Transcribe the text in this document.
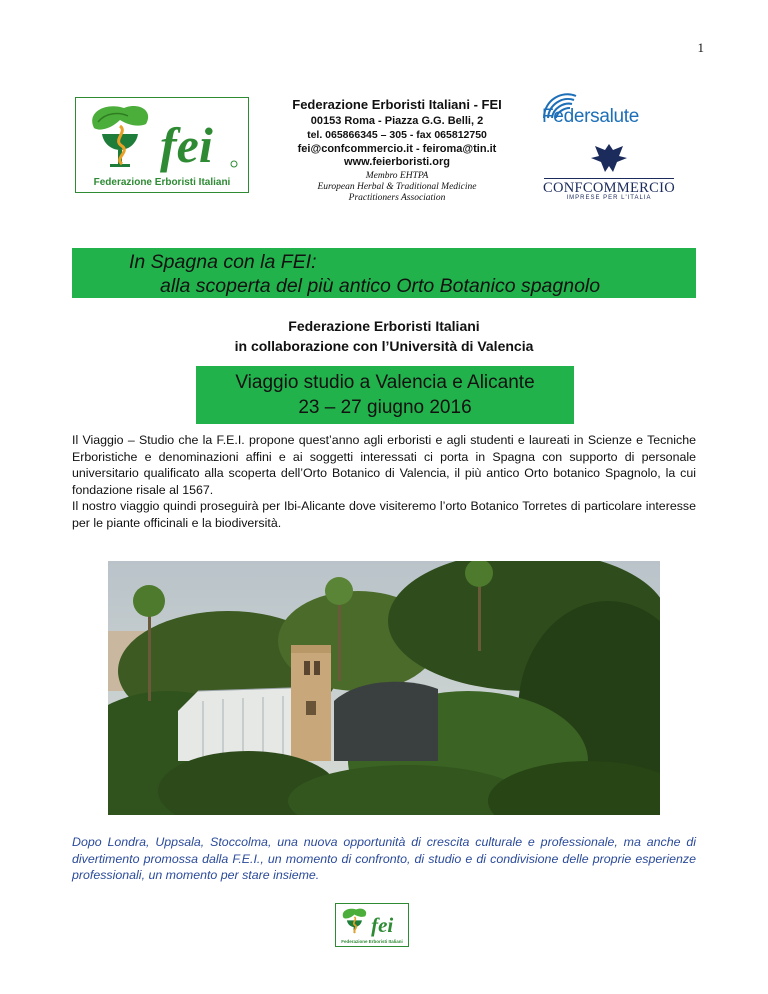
1
fei
Federazione Erboristi Italiani
Federazione Erboristi Italiani - FEI
00153 Roma - Piazza G.G. Belli, 2
tel. 065866345 – 305 - fax 065812750
fei@confcommercio.it - feiroma@tin.it
www.feierboristi.org
Membro EHTPA
European Herbal & Traditional Medicine
Practitioners Association
Federsalute
CONFCOMMERCIO
IMPRESE PER L'ITALIA
In Spagna con la FEI:
alla scoperta del più antico Orto Botanico spagnolo
Federazione Erboristi Italiani
in collaborazione con l’Università di Valencia
Viaggio studio a Valencia e Alicante
23 – 27 giugno 2016

Il Viaggio – Studio che la F.E.I. propone quest’anno agli erboristi e agli studenti e laureati in Scienze e Tecniche Erboristiche e denominazioni affini e ai soggetti interessati ci porta in Spagna con supporto di personale universitario qualificato alla scoperta dell’Orto Botanico di Valencia, il più antico Orto botanico Spagnolo, la cui fondazione risale al 1567.

Il nostro viaggio quindi proseguirà per Ibi-Alicante dove visiteremo l’orto Botanico Torretes di particolare interesse per le piante officinali e la biodiversità.

Dopo Londra, Uppsala, Stoccolma, una nuova opportunità di crescita culturale e professionale, ma anche di divertimento promossa dalla F.E.I., un momento di confronto, di studio e di condivisione delle proprie esperienze professionali, un momento per stare insieme.
fei
Federazione Erboristi Italiani
